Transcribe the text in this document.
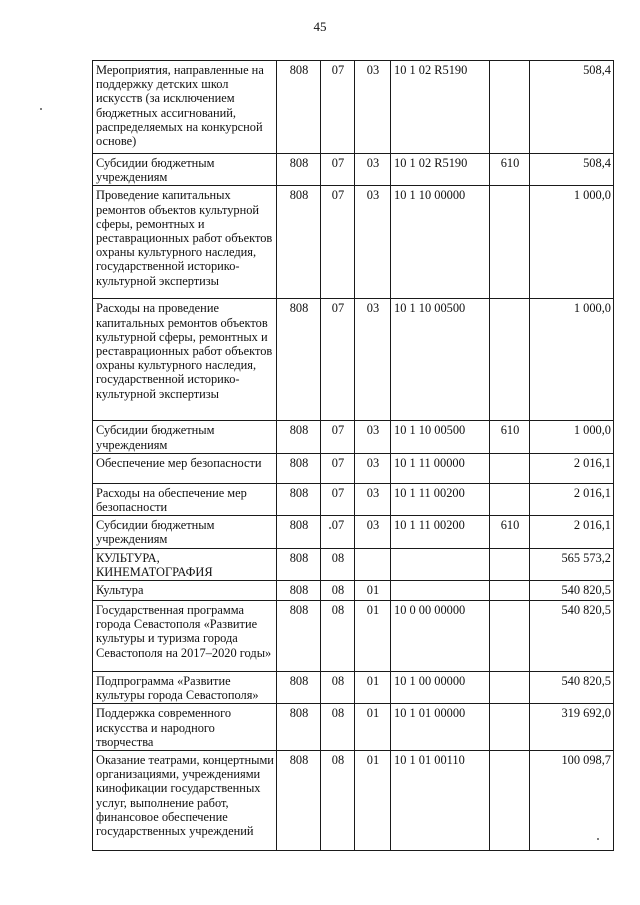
45
Мероприятия, направленные на поддержку детских школ искусств (за исключением бюджетных ассигнований, распределяемых на конкурсной основе)	808	07	03	10 1 02 R5190		508,4
Субсидии бюджетным учреждениям	808	07	03	10 1 02 R5190	610	508,4
Проведение капитальных ремонтов объектов культурной сферы, ремонтных и реставрационных работ объектов охраны культурного наследия, государственной историко-культурной экспертизы	808	07	03	10 1 10 00000		1 000,0
Расходы на проведение капитальных ремонтов объектов культурной сферы, ремонтных и реставрационных работ объектов охраны культурного наследия, государственной историко-культурной экспертизы	808	07	03	10 1 10 00500		1 000,0
Субсидии бюджетным учреждениям	808	07	03	10 1 10 00500	610	1 000,0
Обеспечение мер безопасности	808	07	03	10 1 11 00000		2 016,1
Расходы на обеспечение мер безопасности	808	07	03	10 1 11 00200		2 016,1
Субсидии бюджетным учреждениям	808	07	03	10 1 11 00200	610	2 016,1
КУЛЬТУРА, КИНЕМАТОГРАФИЯ	808	08				565 573,2
Культура	808	08	01			540 820,5
Государственная программа города Севастополя «Развитие культуры и туризма города Севастополя на 2017–2020 годы»	808	08	01	10 0 00 00000		540 820,5
Подпрограмма «Развитие культуры города Севастополя»	808	08	01	10 1 00 00000		540 820,5
Поддержка современного искусства и народного творчества	808	08	01	10 1 01 00000		319 692,0
Оказание театрами, концертными организациями, учреждениями кинофикации государственных услуг, выполнение работ, финансовое обеспечение государственных учреждений	808	08	01	10 1 01 00110		100 098,7
